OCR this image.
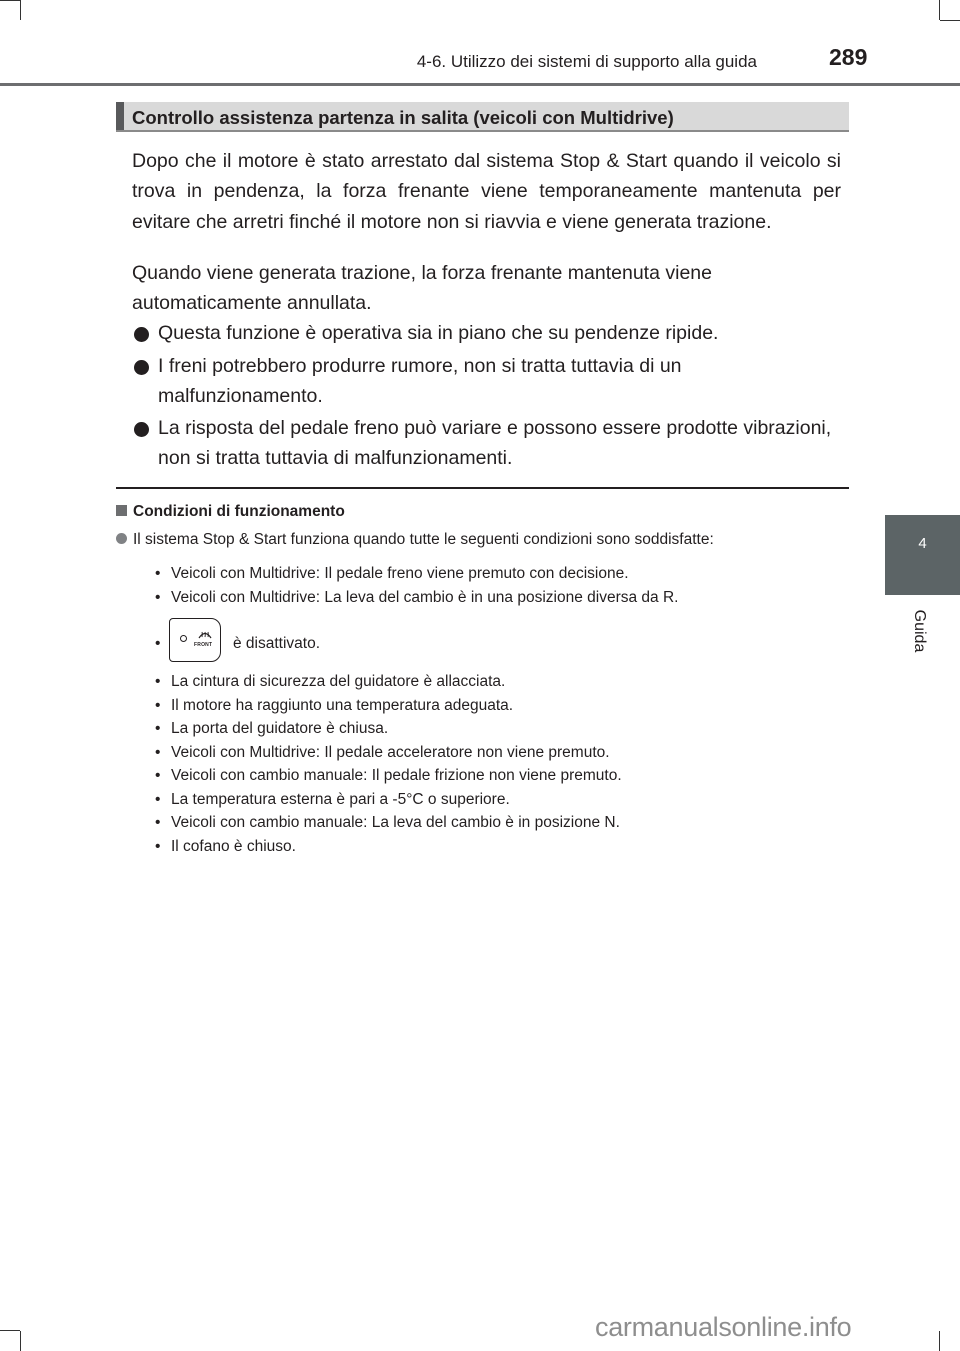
4-6. Utilizzo dei sistemi di supporto alla guida	289
4
Guida
Controllo assistenza partenza in salita (veicoli con Multidrive)
Dopo che il motore è stato arrestato dal sistema Stop & Start quando il veicolo si trova in pendenza, la forza frenante viene temporaneamente mantenuta per evitare che arretri finché il motore non si riavvia e viene generata trazione.
Quando viene generata trazione, la forza frenante mantenuta viene automaticamente annullata.
Questa funzione è operativa sia in piano che su pendenze ripide.
I freni potrebbero produrre rumore, non si tratta tuttavia di un malfunzionamento.
La risposta del pedale freno può variare e possono essere prodotte vibrazioni, non si tratta tuttavia di malfunzionamenti.
Condizioni di funzionamento
Il sistema Stop & Start funziona quando tutte le seguenti condizioni sono soddisfatte:
• Veicoli con Multidrive: Il pedale freno viene premuto con decisione.
• Veicoli con Multidrive: La leva del cambio è in una posizione diversa da R.
•	FRONT è disattivato.
• La cintura di sicurezza del guidatore è allacciata.
• Il motore ha raggiunto una temperatura adeguata.
• La porta del guidatore è chiusa.
• Veicoli con Multidrive: Il pedale acceleratore non viene premuto.
• Veicoli con cambio manuale: Il pedale frizione non viene premuto.
• La temperatura esterna è pari a -5°C o superiore.
• Veicoli con cambio manuale: La leva del cambio è in posizione N.
• Il cofano è chiuso.
carmanualsonline.info
